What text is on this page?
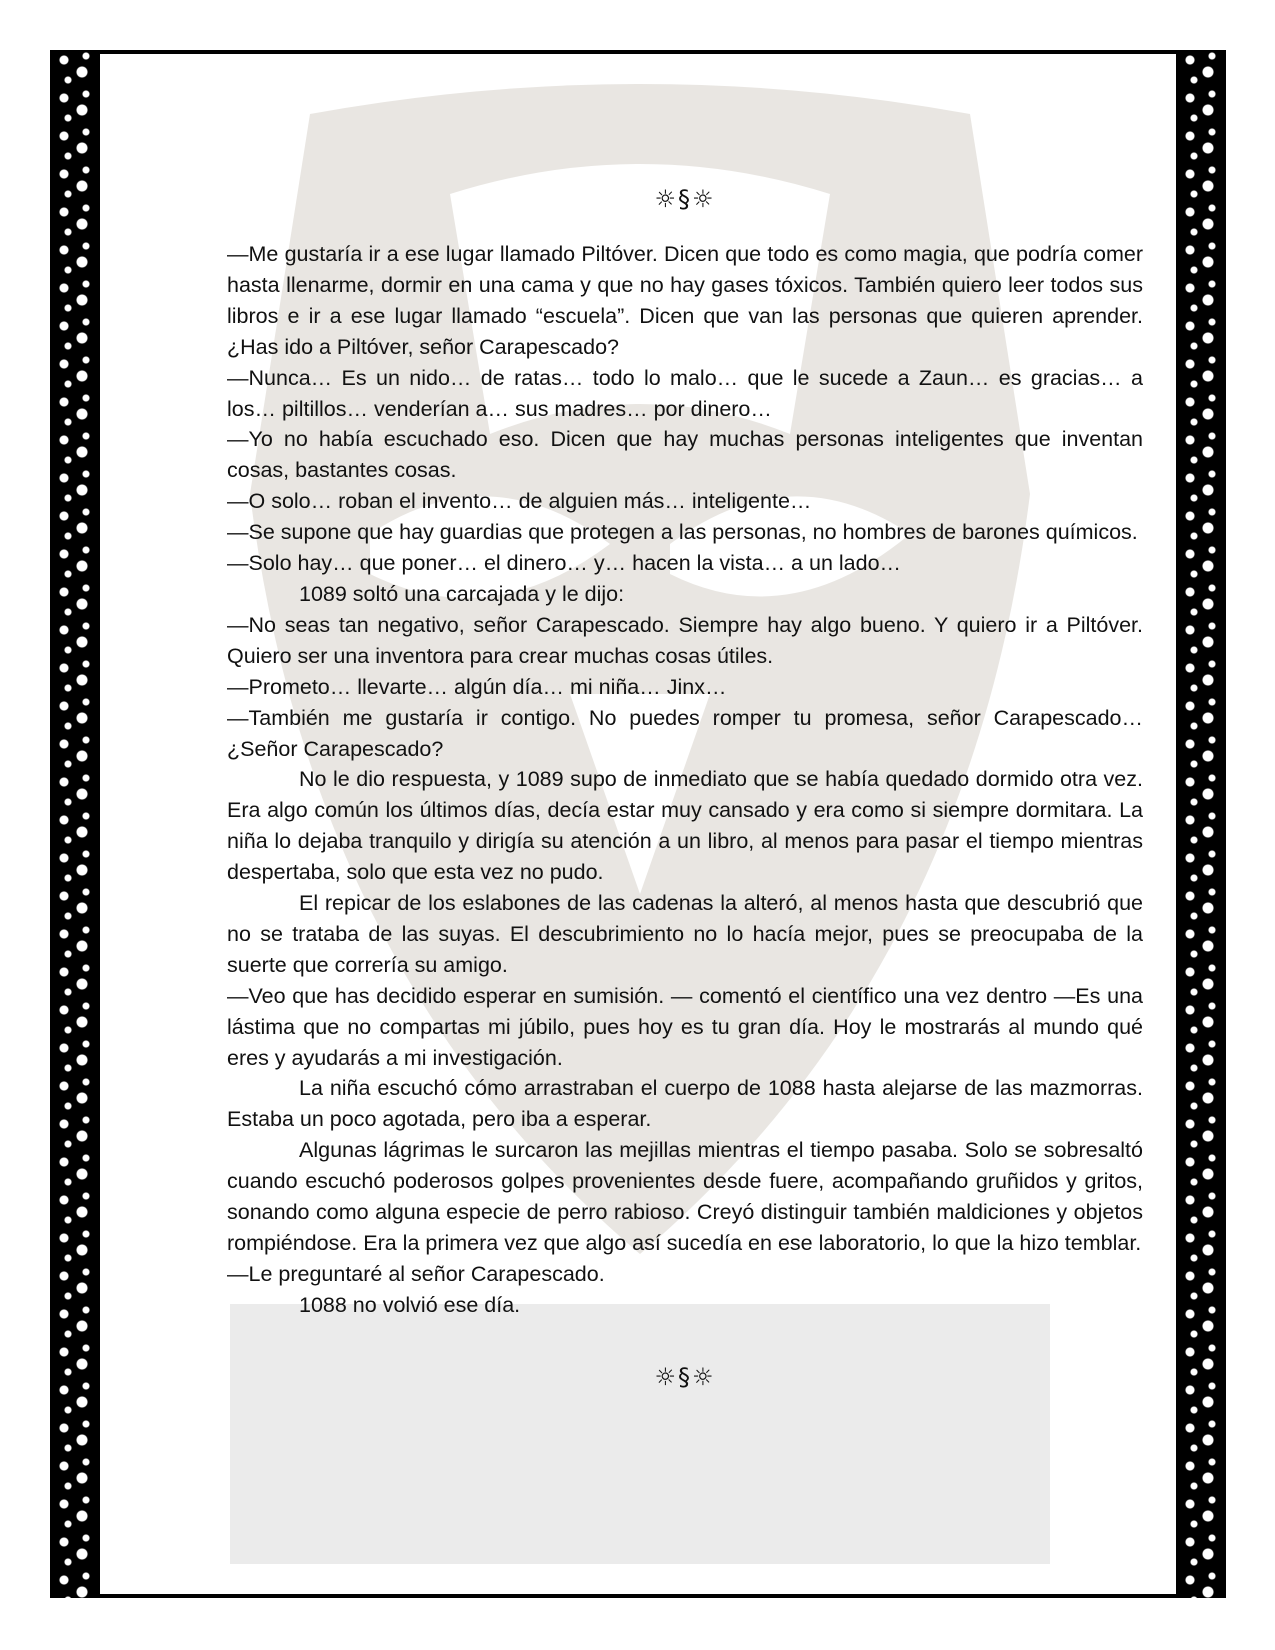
☼§☼

—Me gustaría ir a ese lugar llamado Piltóver. Dicen que todo es como magia, que podría comer hasta llenarme, dormir en una cama y que no hay gases tóxicos. También quiero leer todos sus libros e ir a ese lugar llamado “escuela”. Dicen que van las personas que quieren aprender. ¿Has ido a Piltóver, señor Carapescado?

—Nunca… Es un nido… de ratas… todo lo malo… que le sucede a Zaun… es gracias… a los… piltillos… venderían a… sus madres… por dinero…

—Yo no había escuchado eso. Dicen que hay muchas personas inteligentes que inventan cosas, bastantes cosas.

—O solo… roban el invento… de alguien más… inteligente…

—Se supone que hay guardias que protegen a las personas, no hombres de barones químicos.

—Solo hay… que poner… el dinero… y… hacen la vista… a un lado…

1089 soltó una carcajada y le dijo:

—No seas tan negativo, señor Carapescado. Siempre hay algo bueno. Y quiero ir a Piltóver. Quiero ser una inventora para crear muchas cosas útiles.

—Prometo… llevarte… algún día… mi niña… Jinx…

—También me gustaría ir contigo. No puedes romper tu promesa, señor Carapescado… ¿Señor Carapescado?

No le dio respuesta, y 1089 supo de inmediato que se había quedado dormido otra vez. Era algo común los últimos días, decía estar muy cansado y era como si siempre dormitara. La niña lo dejaba tranquilo y dirigía su atención a un libro, al menos para pasar el tiempo mientras despertaba, solo que esta vez no pudo.

El repicar de los eslabones de las cadenas la alteró, al menos hasta que descubrió que no se trataba de las suyas. El descubrimiento no lo hacía mejor, pues se preocupaba de la suerte que correría su amigo.

—Veo que has decidido esperar en sumisión. — comentó el científico una vez dentro —Es una lástima que no compartas mi júbilo, pues hoy es tu gran día. Hoy le mostrarás al mundo qué eres y ayudarás a mi investigación.

La niña escuchó cómo arrastraban el cuerpo de 1088 hasta alejarse de las mazmorras. Estaba un poco agotada, pero iba a esperar.

Algunas lágrimas le surcaron las mejillas mientras el tiempo pasaba. Solo se sobresaltó cuando escuchó poderosos golpes provenientes desde fuere, acompañando gruñidos y gritos, sonando como alguna especie de perro rabioso. Creyó distinguir también maldiciones y objetos rompiéndose. Era la primera vez que algo así sucedía en ese laboratorio, lo que la hizo temblar.

—Le preguntaré al señor Carapescado.

1088 no volvió ese día.

☼§☼
